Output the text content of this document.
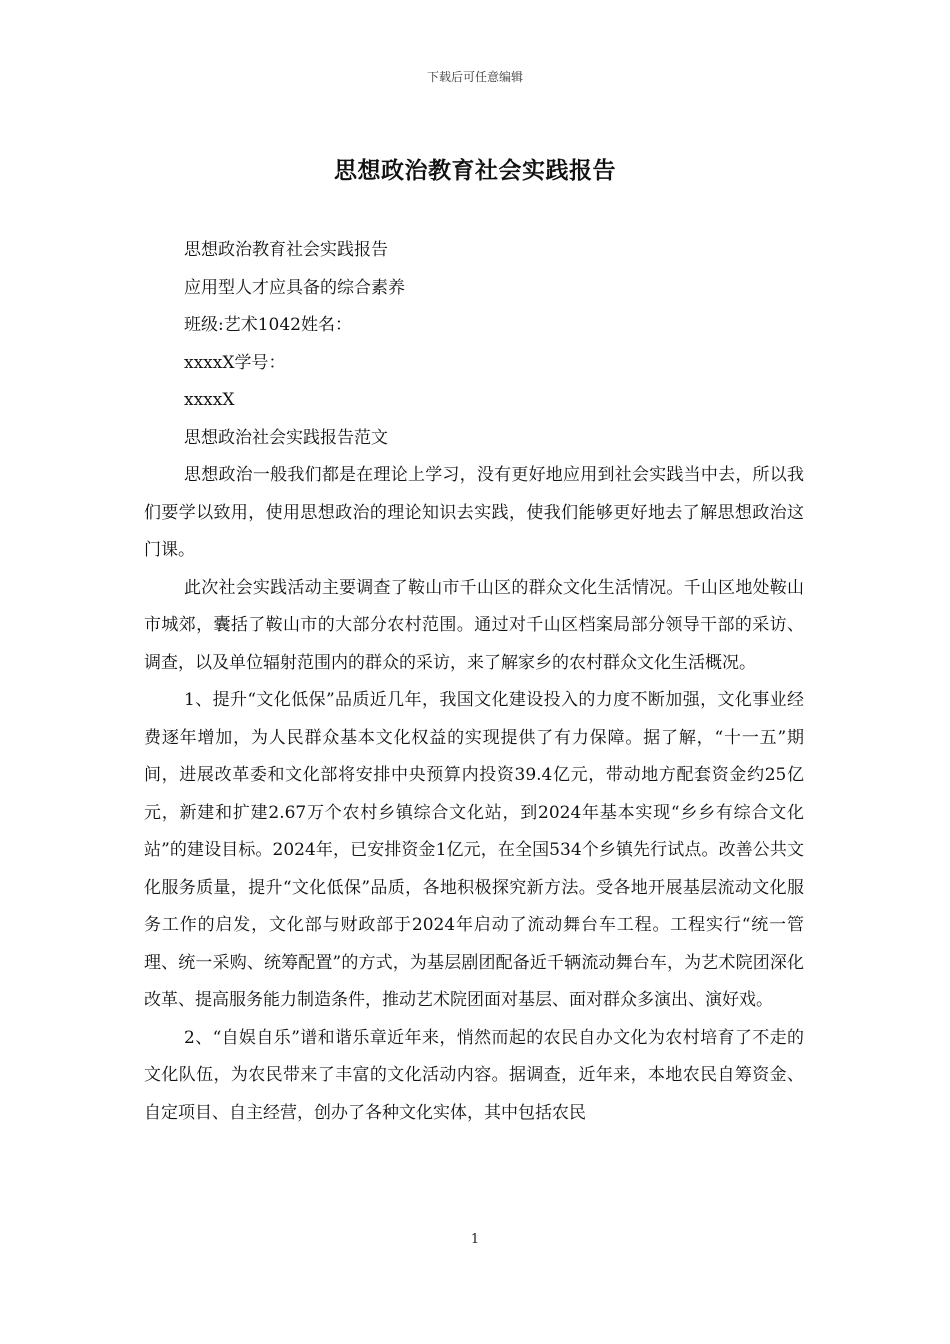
下载后可任意编辑
思想政治教育社会实践报告

思想政治教育社会实践报告

应用型人才应具备的综合素养

班级:艺术1042姓名：

xxxxX学号：

xxxxX

思想政治社会实践报告范文

思想政治一般我们都是在理论上学习，没有更好地应用到社会实践当中去，所以我们要学以致用，使用思想政治的理论知识去实践，使我们能够更好地去了解思想政治这门课。

此次社会实践活动主要调查了鞍山市千山区的群众文化生活情况。千山区地处鞍山市城郊，囊括了鞍山市的大部分农村范围。通过对千山区档案局部分领导干部的采访、调查，以及单位辐射范围内的群众的采访，来了解家乡的农村群众文化生活概况。

1、提升“文化低保”品质近几年，我国文化建设投入的力度不断加强，文化事业经费逐年增加，为人民群众基本文化权益的实现提供了有力保障。据了解，“十一五”期间，进展改革委和文化部将安排中央预算内投资39.4亿元，带动地方配套资金约25亿元，新建和扩建2.67万个农村乡镇综合文化站，到2024年基本实现“乡乡有综合文化站”的建设目标。2024年，已安排资金1亿元，在全国534个乡镇先行试点。改善公共文化服务质量，提升“文化低保”品质，各地积极探究新方法。受各地开展基层流动文化服务工作的启发，文化部与财政部于2024年启动了流动舞台车工程。工程实行“统一管理、统一采购、统筹配置”的方式，为基层剧团配备近千辆流动舞台车，为艺术院团深化改革、提高服务能力制造条件，推动艺术院团面对基层、面对群众多演出、演好戏。

2、“自娱自乐”谱和谐乐章近年来，悄然而起的农民自办文化为农村培育了不走的文化队伍，为农民带来了丰富的文化活动内容。据调查，近年来，本地农民自筹资金、自定项目、自主经营，创办了各种文化实体，其中包括农民

1
